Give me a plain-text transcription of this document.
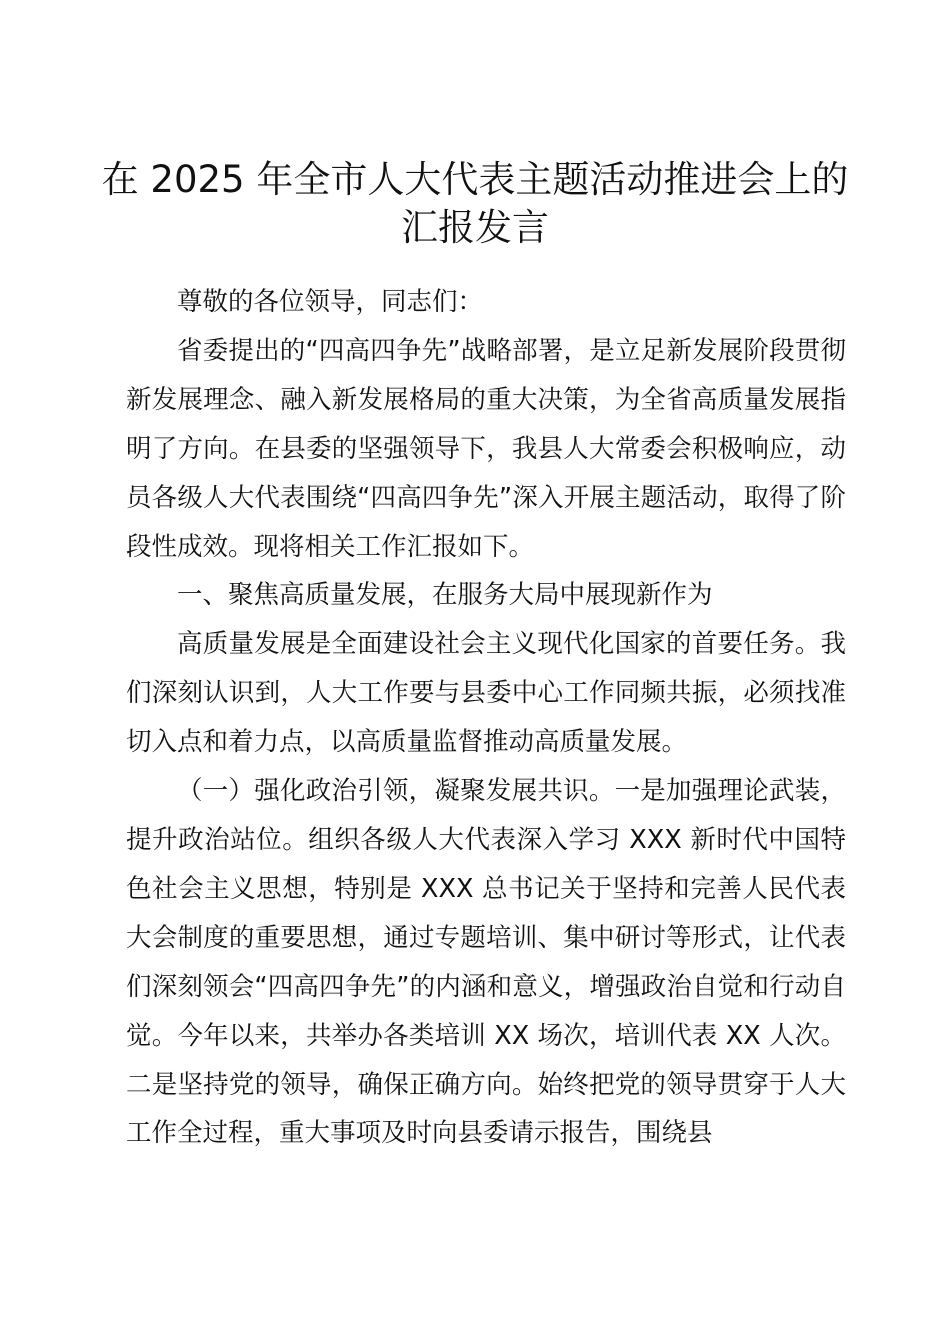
在 2025 年全市人大代表主题活动推进会上的
汇报发言

尊敬的各位领导，同志们：

省委提出的“四高四争先”战略部署，是立足新发展阶段贯彻新发展理念、融入新发展格局的重大决策，为全省高质量发展指明了方向。在县委的坚强领导下，我县人大常委会积极响应，动员各级人大代表围绕“四高四争先”深入开展主题活动，取得了阶段性成效。现将相关工作汇报如下。

一、聚焦高质量发展，在服务大局中展现新作为

高质量发展是全面建设社会主义现代化国家的首要任务。我们深刻认识到，人大工作要与县委中心工作同频共振，必须找准切入点和着力点，以高质量监督推动高质量发展。

（一）强化政治引领，凝聚发展共识。一是加强理论武装，提升政治站位。组织各级人大代表深入学习 XXX 新时代中国特色社会主义思想，特别是 XXX 总书记关于坚持和完善人民代表大会制度的重要思想，通过专题培训、集中研讨等形式，让代表们深刻领会“四高四争先”的内涵和意义，增强政治自觉和行动自觉。今年以来，共举办各类培训 XX 场次，培训代表 XX 人次。二是坚持党的领导，确保正确方向。始终把党的领导贯穿于人大工作全过程，重大事项及时向县委请示报告，围绕县
